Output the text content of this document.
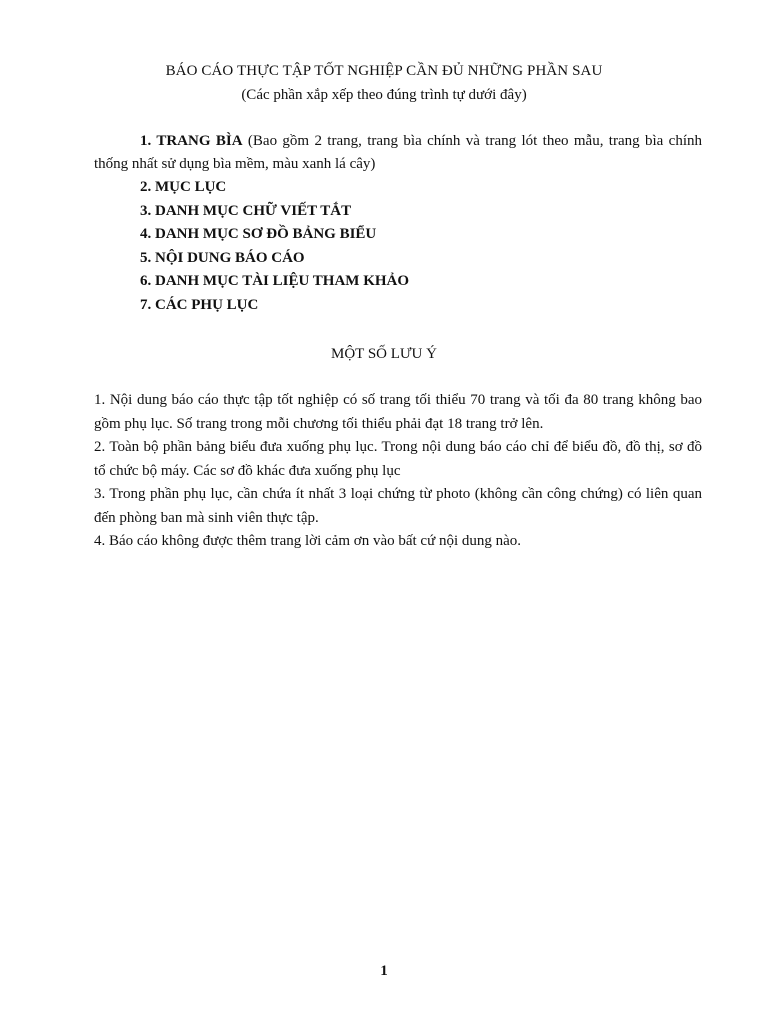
BÁO CÁO THỰC TẬP TỐT NGHIỆP CẦN ĐỦ NHỮNG PHẦN SAU
(Các phần xắp xếp theo đúng trình tự dưới đây)

1. TRANG BÌA (Bao gồm 2 trang, trang bìa chính và trang lót theo mẫu, trang bìa chính thống nhất sử dụng bìa mềm, màu xanh lá cây)

2. MỤC LỤC

3. DANH MỤC CHỮ VIẾT TẮT

4. DANH MỤC SƠ ĐỒ BẢNG BIỂU

5. NỘI DUNG BÁO CÁO

6. DANH MỤC TÀI LIỆU THAM KHẢO

7. CÁC PHỤ LỤC

MỘT SỐ LƯU Ý

1. Nội dung báo cáo thực tập tốt nghiệp có số trang tối thiểu 70 trang và tối đa 80 trang không bao gồm phụ lục. Số trang trong mỗi chương tối thiểu phải đạt 18 trang trở lên.

2. Toàn bộ phần bảng biểu đưa xuống phụ lục. Trong nội dung báo cáo chỉ để biểu đồ, đồ thị, sơ đồ tổ chức bộ máy. Các sơ đồ khác đưa xuống phụ lục

3. Trong phần phụ lục, cần chứa ít nhất 3 loại chứng từ photo (không cần công chứng) có liên quan đến phòng ban mà sinh viên thực tập.

4. Báo cáo không được thêm trang lời cảm ơn vào bất cứ nội dung nào.

1
